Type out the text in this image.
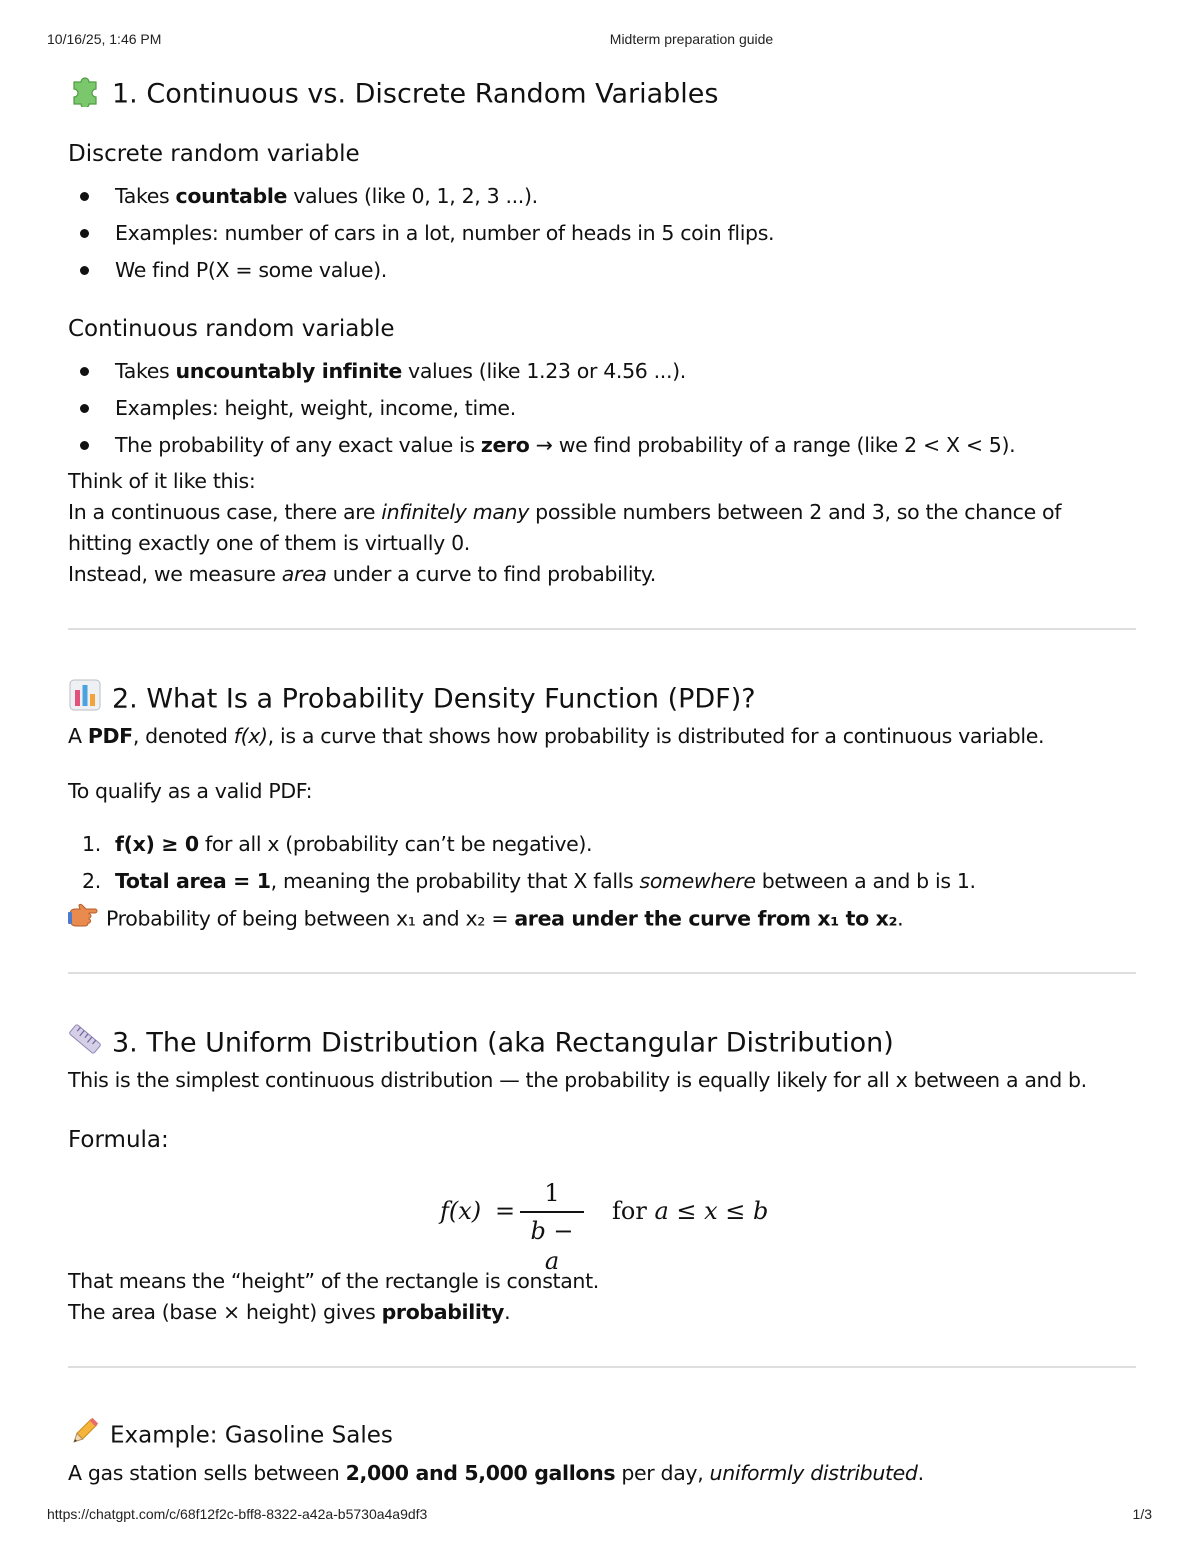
10/16/25, 1:46 PM	Midterm preparation guide
1. Continuous vs. Discrete Random Variables
Discrete random variable
Takes countable values (like 0, 1, 2, 3 ...).
Examples: number of cars in a lot, number of heads in 5 coin flips.
We find P(X = some value).
Continuous random variable
Takes uncountably infinite values (like 1.23 or 4.56 ...).
Examples: height, weight, income, time.
The probability of any exact value is zero → we find probability of a range (like 2 < X < 5).
Think of it like this:
In a continuous case, there are infinitely many possible numbers between 2 and 3, so the chance of
hitting exactly one of them is virtually 0.
Instead, we measure area under a curve to find probability.
2. What Is a Probability Density Function (PDF)?
A PDF, denoted f(x), is a curve that shows how probability is distributed for a continuous variable.
To qualify as a valid PDF:
1. f(x) ≥ 0 for all x (probability can’t be negative).
2. Total area = 1, meaning the probability that X falls somewhere between a and b is 1.
Probability of being between x₁ and x₂ = area under the curve from x₁ to x₂.
3. The Uniform Distribution (aka Rectangular Distribution)
This is the simplest continuous distribution — the probability is equally likely for all x between a and b.
Formula:
f(x) =
1
b − a
for a ≤ x ≤ b
That means the “height” of the rectangle is constant.
The area (base × height) gives probability.
Example: Gasoline Sales
A gas station sells between 2,000 and 5,000 gallons per day, uniformly distributed.
https://chatgpt.com/c/68f12f2c-bff8-8322-a42a-b5730a4a9df3	1/3
